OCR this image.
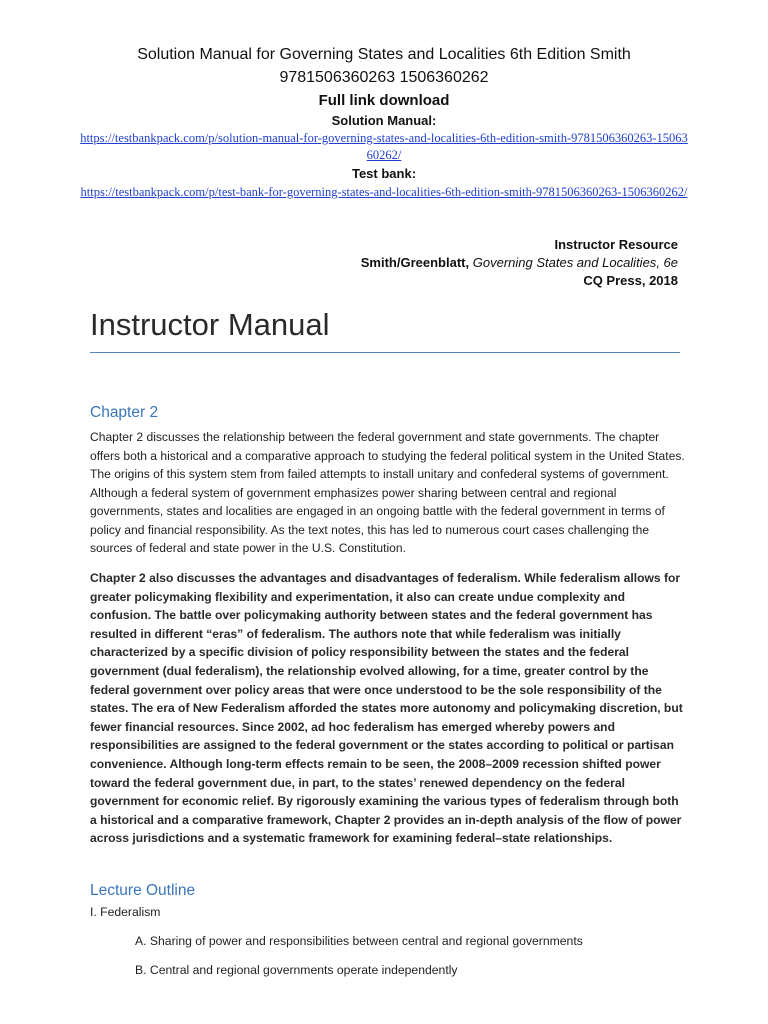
Solution Manual for Governing States and Localities 6th Edition Smith
9781506360263 1506360262
Full link download
Solution Manual:
https://testbankpack.com/p/solution-manual-for-governing-states-and-localities-6th-edition-smith-9781506360263-1506360262/
Test bank:
https://testbankpack.com/p/test-bank-for-governing-states-and-localities-6th-edition-smith-9781506360263-1506360262/
Instructor Resource
Smith/Greenblatt, Governing States and Localities, 6e
CQ Press, 2018
Instructor Manual
Chapter 2
Chapter 2 discusses the relationship between the federal government and state governments. The chapter offers both a historical and a comparative approach to studying the federal political system in the United States. The origins of this system stem from failed attempts to install unitary and confederal systems of government. Although a federal system of government emphasizes power sharing between central and regional governments, states and localities are engaged in an ongoing battle with the federal government in terms of policy and financial responsibility. As the text notes, this has led to numerous court cases challenging the sources of federal and state power in the U.S. Constitution.
Chapter 2 also discusses the advantages and disadvantages of federalism. While federalism allows for greater policymaking flexibility and experimentation, it also can create undue complexity and confusion. The battle over policymaking authority between states and the federal government has resulted in different “eras” of federalism. The authors note that while federalism was initially characterized by a specific division of policy responsibility between the states and the federal government (dual federalism), the relationship evolved allowing, for a time, greater control by the federal government over policy areas that were once understood to be the sole responsibility of the states. The era of New Federalism afforded the states more autonomy and policymaking discretion, but fewer financial resources. Since 2002, ad hoc federalism has emerged whereby powers and responsibilities are assigned to the federal government or the states according to political or partisan convenience. Although long-term effects remain to be seen, the 2008–2009 recession shifted power toward the federal government due, in part, to the states’ renewed dependency on the federal government for economic relief. By rigorously examining the various types of federalism through both a historical and a comparative framework, Chapter 2 provides an in-depth analysis of the flow of power across jurisdictions and a systematic framework for examining federal–state relationships.
Lecture Outline
I. Federalism
A. Sharing of power and responsibilities between central and regional governments
B. Central and regional governments operate independently
